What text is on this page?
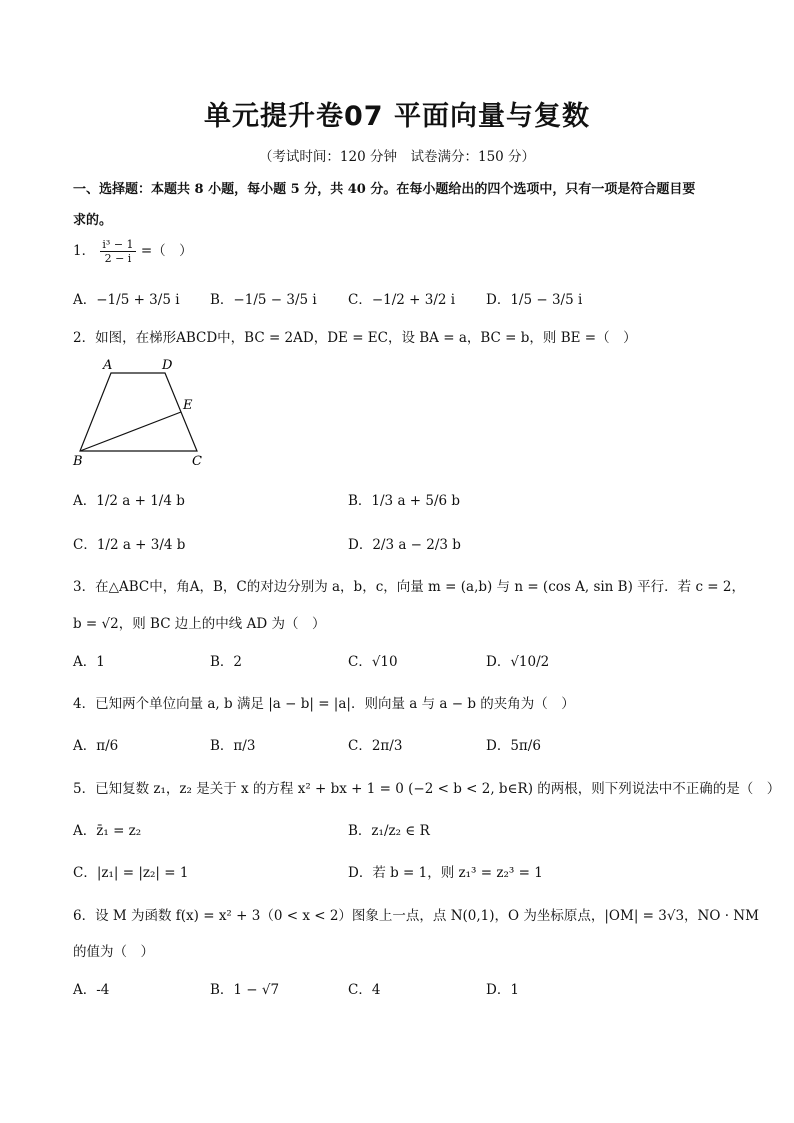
单元提升卷07 平面向量与复数
（考试时间：120 分钟　试卷满分：150 分）
一、选择题：本题共 8 小题，每小题 5 分，共 40 分。在每小题给出的四个选项中，只有一项是符合题目要
求的。
1． $\frac{\text{i³ − 1}}{2 - i}$ =（　）
A．−1/5 + 3/5 i B．−1/5 − 3/5 i C．−1/2 + 3/2 i D．1/5 − 3/5 i
2．如图，在梯形ABCD中，BC = 2AD，DE = EC，设 BA = a，BC = b，则 BE =（　）
A	D
E
B	C
A．1/2 a + 1/4 b	B．1/3 a + 5/6 b
C．1/2 a + 3/4 b	D．2/3 a − 2/3 b
3．在△ABC中，角A，B，C的对边分别为 a，b，c，向量 m = (a,b) 与 n = (cos A, sin B) 平行．若 c = 2，
b = √2，则 BC 边上的中线 AD 为（　）
A．1	B．2	C．√10	D．√10/2
4．已知两个单位向量 a, b 满足 |a − b| = |a|．则向量 a 与 a − b 的夹角为（　）
A．π/6	B．π/3	C．2π/3	D．5π/6
5．已知复数 z₁，z₂ 是关于 x 的方程 x² + bx + 1 = 0 (−2 < b < 2, b∈R) 的两根，则下列说法中不正确的是（　）
A．z̄₁ = z₂	B．z₁/z₂ ∈ R
C．|z₁| = |z₂| = 1	D．若 b = 1，则 z₁³ = z₂³ = 1
6．设 M 为函数 f(x) = x² + 3（0 < x < 2）图象上一点，点 N(0,1)，O 为坐标原点，|OM| = 3√3，NO · NM
的值为（　）
A．-4	B．1 − √7	C．4	D．1
